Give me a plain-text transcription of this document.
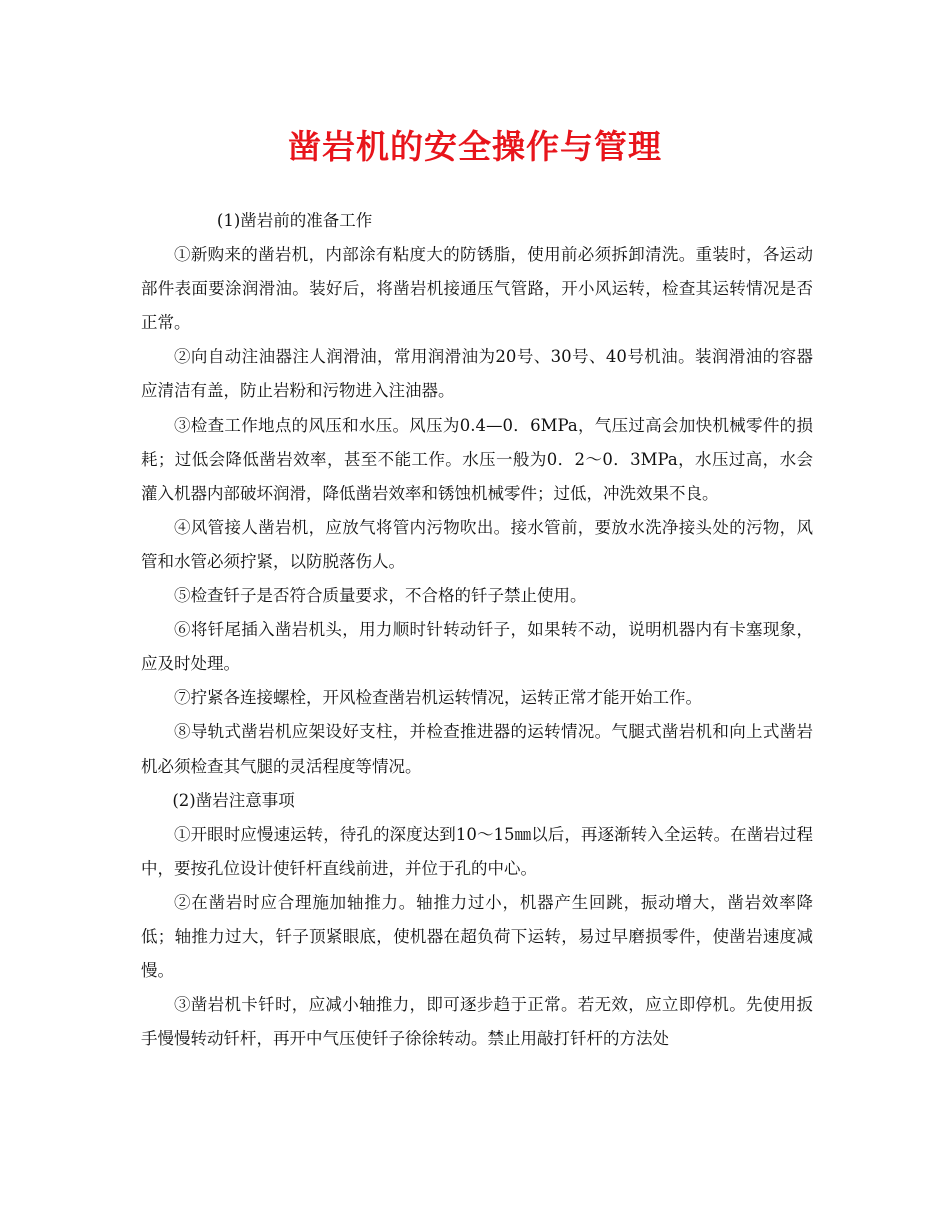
凿岩机的安全操作与管理

(1)凿岩前的准备工作

①新购来的凿岩机，内部涂有粘度大的防锈脂，使用前必须拆卸清洗。重装时，各运动部件表面要涂润滑油。装好后，将凿岩机接通压气管路，开小风运转，检查其运转情况是否正常。

②向自动注油器注人润滑油，常用润滑油为20号、30号、40号机油。装润滑油的容器应清洁有盖，防止岩粉和污物进入注油器。

③检查工作地点的风压和水压。风压为0.4—0．6MPa，气压过高会加快机械零件的损耗；过低会降低凿岩效率，甚至不能工作。水压一般为0．2～0．3MPa，水压过高，水会灌入机器内部破坏润滑，降低凿岩效率和锈蚀机械零件；过低，冲洗效果不良。

④风管接人凿岩机，应放气将管内污物吹出。接水管前，要放水洗净接头处的污物，风管和水管必须拧紧，以防脱落伤人。

⑤检查钎子是否符合质量要求，不合格的钎子禁止使用。

⑥将钎尾插入凿岩机头，用力顺时针转动钎子，如果转不动，说明机器内有卡塞现象，应及时处理。

⑦拧紧各连接螺栓，开风检查凿岩机运转情况，运转正常才能开始工作。

⑧导轨式凿岩机应架设好支柱，并检查推进器的运转情况。气腿式凿岩机和向上式凿岩机必须检查其气腿的灵活程度等情况。

(2)凿岩注意事项

①开眼时应慢速运转，待孔的深度达到10～15㎜以后，再逐渐转入全运转。在凿岩过程中，要按孔位设计使钎杆直线前进，并位于孔的中心。

②在凿岩时应合理施加轴推力。轴推力过小，机器产生回跳，振动增大，凿岩效率降低；轴推力过大，钎子顶紧眼底，使机器在超负荷下运转，易过早磨损零件，使凿岩速度减慢。

③凿岩机卡钎时，应减小轴推力，即可逐步趋于正常。若无效，应立即停机。先使用扳手慢慢转动钎杆，再开中气压使钎子徐徐转动。禁止用敲打钎杆的方法处
